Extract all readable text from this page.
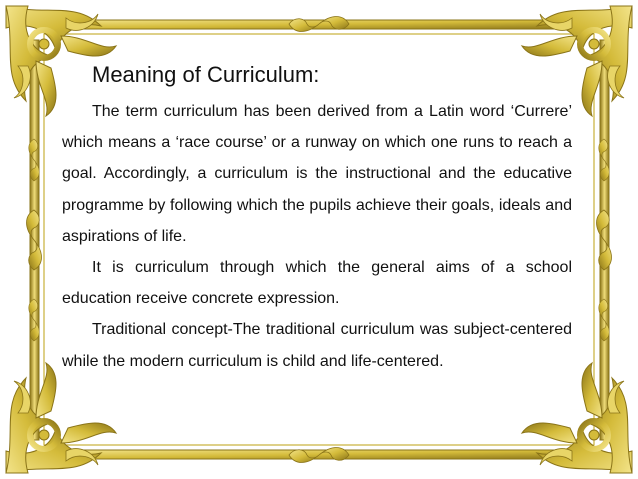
Meaning of Curriculum:

The term curriculum has been derived from a Latin word ‘Currere’ which means a ‘race course’ or a runway on which one runs to reach a goal. Accordingly, a curriculum is the instructional and the educative programme by following which the pupils achieve their goals, ideals and aspirations of life.

It is curriculum through which the general aims of a school education receive concrete expression.

Traditional concept-The traditional curriculum was subject-centered while the modern curriculum is child and life-centered.
